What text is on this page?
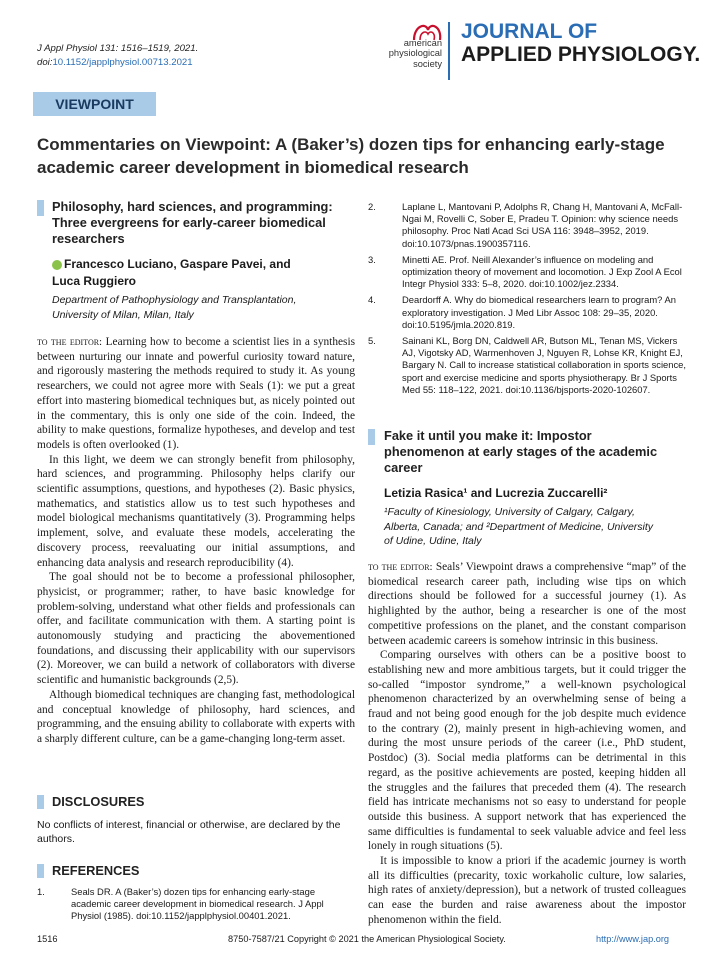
J Appl Physiol 131: 1516–1519, 2021.
doi:10.1152/japplphysiol.00713.2021
american
physiological
society
JOURNAL OF
APPLIED PHYSIOLOGY.
VIEWPOINT
Commentaries on Viewpoint: A (Baker’s) dozen tips for enhancing early-stage
academic career development in biomedical research
Philosophy, hard sciences, and programming:
Three evergreens for early-career biomedical
researchers
Francesco Luciano, Gaspare Pavei, and
Luca Ruggiero
Department of Pathophysiology and Transplantation,
University of Milan, Milan, Italy

to the editor: Learning how to become a scientist lies in a synthesis between nurturing our innate and powerful curiosity toward nature, and rigorously mastering the methods required to study it. As young researchers, we could not agree more with Seals (1): we put a great effort into mastering biomedical techniques but, as nicely pointed out in the commentary, this is only one side of the coin. Indeed, the ability to make questions, formalize hypotheses, and develop and test models is often overlooked (1).

In this light, we deem we can strongly benefit from philosophy, hard sciences, and programming. Philosophy helps clarify our scientific assumptions, questions, and hypotheses (2). Basic physics, mathematics, and statistics allow us to test such hypotheses and model biological mechanisms quantitatively (3). Programming helps implement, solve, and evaluate these models, accelerating the discovery process, reevaluating our initial assumptions, and enhancing data analysis and research reproducibility (4).

The goal should not be to become a professional philosopher, physicist, or programmer; rather, to have basic knowledge for problem-solving, understand what other fields and professionals can offer, and facilitate communication with them. A starting point is autonomously studying and practicing the abovementioned foundations, and discussing their applicability with our supervisors (2). Moreover, we can build a network of collaborators with diverse scientific and humanistic backgrounds (2,5).

Although biomedical techniques are changing fast, methodological and conceptual knowledge of philosophy, hard sciences, and programming, and the ensuing ability to collaborate with experts with a sharply different culture, can be a game-changing long-term asset.

DISCLOSURES
No conflicts of interest, financial or otherwise, are declared by the authors.
REFERENCES
1.	Seals DR. A (Baker’s) dozen tips for enhancing early-stage academic career development in biomedical research. J Appl Physiol (1985). doi:10.1152/japplphysiol.00401.2021.
2.	Laplane L, Mantovani P, Adolphs R, Chang H, Mantovani A, McFall-Ngai M, Rovelli C, Sober E, Pradeu T. Opinion: why science needs philosophy. Proc Natl Acad Sci USA 116: 3948–3952, 2019. doi:10.1073/pnas.1900357116.
3.	Minetti AE. Prof. Neill Alexander’s influence on modeling and optimization theory of movement and locomotion. J Exp Zool A Ecol Integr Physiol 333: 5–8, 2020. doi:10.1002/jez.2334.
4.	Deardorff A. Why do biomedical researchers learn to program? An exploratory investigation. J Med Libr Assoc 108: 29–35, 2020. doi:10.5195/jmla.2020.819.
5.	Sainani KL, Borg DN, Caldwell AR, Butson ML, Tenan MS, Vickers AJ, Vigotsky AD, Warmenhoven J, Nguyen R, Lohse KR, Knight EJ, Bargary N. Call to increase statistical collaboration in sports science, sport and exercise medicine and sports physiotherapy. Br J Sports Med 55: 118–122, 2021. doi:10.1136/bjsports-2020-102607.
Fake it until you make it: Impostor
phenomenon at early stages of the academic
career
Letizia Rasica¹ and Lucrezia Zuccarelli²
¹Faculty of Kinesiology, University of Calgary, Calgary,
Alberta, Canada; and ²Department of Medicine, University
of Udine, Udine, Italy

to the editor: Seals’ Viewpoint draws a comprehensive “map” of the biomedical research career path, including wise tips on which directions should be followed for a successful journey (1). As highlighted by the author, being a researcher is one of the most competitive professions on the planet, and the constant comparison between academic careers is somehow intrinsic in this business.

Comparing ourselves with others can be a positive boost to establishing new and more ambitious targets, but it could trigger the so-called “impostor syndrome,” a well-known psychological phenomenon characterized by an overwhelming sense of being a fraud and not being good enough for the job despite much evidence to the contrary (2), mainly present in high-achieving women, and during the most unsure periods of the career (i.e., PhD student, Postdoc) (3). Social media platforms can be detrimental in this regard, as the positive achievements are posted, keeping hidden all the struggles and the failures that preceded them (4). The research field has intricate mechanisms not so easy to understand for people outside this business. A support network that has experienced the same difficulties is fundamental to seek valuable advice and feel less lonely in rough situations (5).

It is impossible to know a priori if the academic journey is worth all its difficulties (precarity, toxic workaholic culture, low salaries, high rates of anxiety/depression), but a network of trusted colleagues can ease the burden and raise awareness about the impostor phenomenon within the field.

1516	8750-7587/21 Copyright © 2021 the American Physiological Society.	http://www.jap.org
